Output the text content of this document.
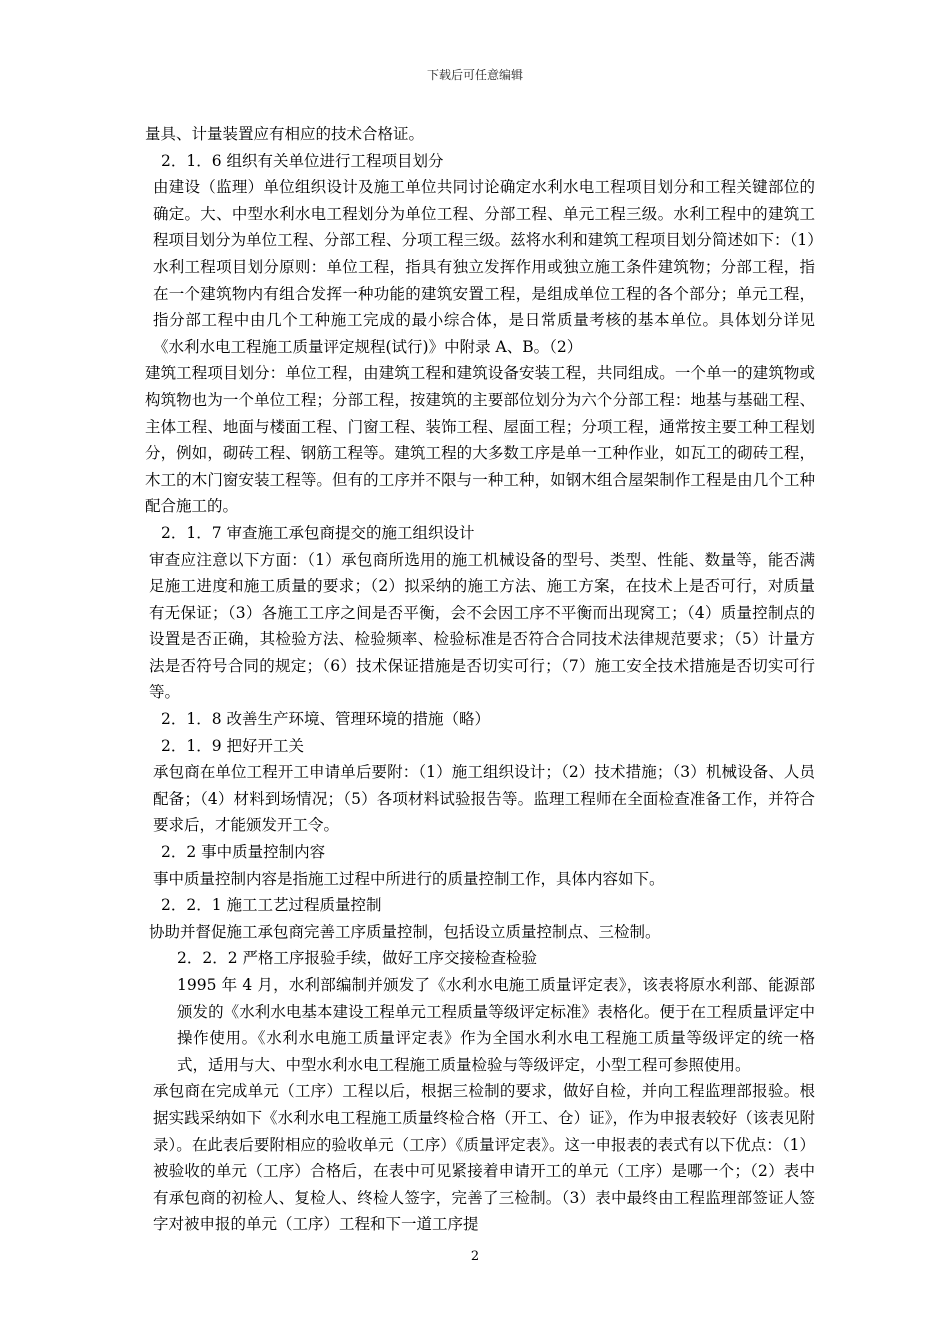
下载后可任意编辑

量具、计量装置应有相应的技术合格证。

2．1．6 组织有关单位进行工程项目划分

由建设（监理）单位组织设计及施工单位共同讨论确定水利水电工程项目划分和工程关键部位的确定。大、中型水利水电工程划分为单位工程、分部工程、单元工程三级。水利工程中的建筑工程项目划分为单位工程、分部工程、分项工程三级。兹将水利和建筑工程项目划分简述如下：（1）水利工程项目划分原则：单位工程，指具有独立发挥作用或独立施工条件建筑物；分部工程，指在一个建筑物内有组合发挥一种功能的建筑安置工程，是组成单位工程的各个部分；单元工程，指分部工程中由几个工种施工完成的最小综合体，是日常质量考核的基本单位。具体划分详见《水利水电工程施工质量评定规程(试行)》中附录 A、B。（2）

建筑工程项目划分：单位工程，由建筑工程和建筑设备安装工程，共同组成。一个单一的建筑物或构筑物也为一个单位工程；分部工程，按建筑的主要部位划分为六个分部工程：地基与基础工程、主体工程、地面与楼面工程、门窗工程、装饰工程、屋面工程；分项工程，通常按主要工种工程划分，例如，砌砖工程、钢筋工程等。建筑工程的大多数工序是单一工种作业，如瓦工的砌砖工程，木工的木门窗安装工程等。但有的工序并不限与一种工种，如钢木组合屋架制作工程是由几个工种配合施工的。

2．1．7 审查施工承包商提交的施工组织设计

审查应注意以下方面：（1）承包商所选用的施工机械设备的型号、类型、性能、数量等，能否满足施工进度和施工质量的要求；（2）拟采纳的施工方法、施工方案，在技术上是否可行，对质量有无保证；（3）各施工工序之间是否平衡，会不会因工序不平衡而出现窝工；（4）质量控制点的设置是否正确，其检验方法、检验频率、检验标准是否符合合同技术法律规范要求；（5）计量方法是否符号合同的规定；（6）技术保证措施是否切实可行；（7）施工安全技术措施是否切实可行等。

2．1．8 改善生产环境、管理环境的措施（略）

2．1．9 把好开工关

承包商在单位工程开工申请单后要附：（1）施工组织设计；（2）技术措施；（3）机械设备、人员配备；（4）材料到场情况；（5）各项材料试验报告等。监理工程师在全面检查准备工作，并符合要求后，才能颁发开工令。

2．2 事中质量控制内容

事中质量控制内容是指施工过程中所进行的质量控制工作，具体内容如下。

2．2．1 施工工艺过程质量控制

协助并督促施工承包商完善工序质量控制，包括设立质量控制点、三检制。

2．2．2 严格工序报验手续，做好工序交接检查检验

1995 年 4 月，水利部编制并颁发了《水利水电施工质量评定表》，该表将原水利部、能源部颁发的《水利水电基本建设工程单元工程质量等级评定标准》表格化。便于在工程质量评定中操作使用。《水利水电施工质量评定表》作为全国水利水电工程施工质量等级评定的统一格式，适用与大、中型水利水电工程施工质量检验与等级评定，小型工程可参照使用。

承包商在完成单元（工序）工程以后，根据三检制的要求，做好自检，并向工程监理部报验。根据实践采纳如下《水利水电工程施工质量终检合格（开工、仓）证》，作为申报表较好（该表见附录）。在此表后要附相应的验收单元（工序）《质量评定表》。这一申报表的表式有以下优点：（1）被验收的单元（工序）合格后，在表中可见紧接着申请开工的单元（工序）是哪一个；（2）表中有承包商的初检人、复检人、终检人签字，完善了三检制。（3）表中最终由工程监理部签证人签字对被申报的单元（工序）工程和下一道工序提

2
